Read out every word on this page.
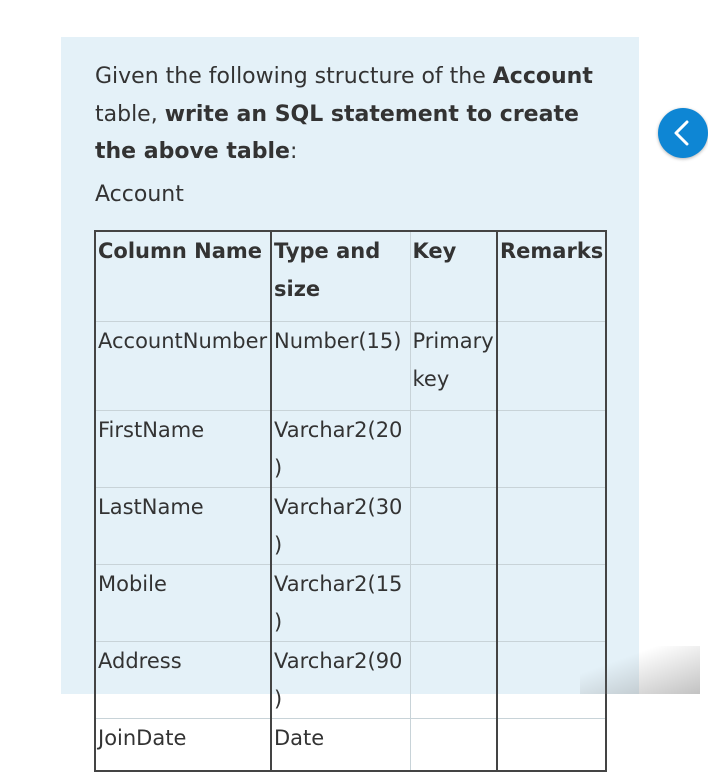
Given the following structure of the Account table, write an SQL statement to create the above table:
Account
Column Name	Type and size	Key	Remarks
AccountNumber	Number(15)	Primary key	
FirstName	Varchar2(20)		
LastName	Varchar2(30)		
Mobile	Varchar2(15)		
Address	Varchar2(90)		
JoinDate	Date		
